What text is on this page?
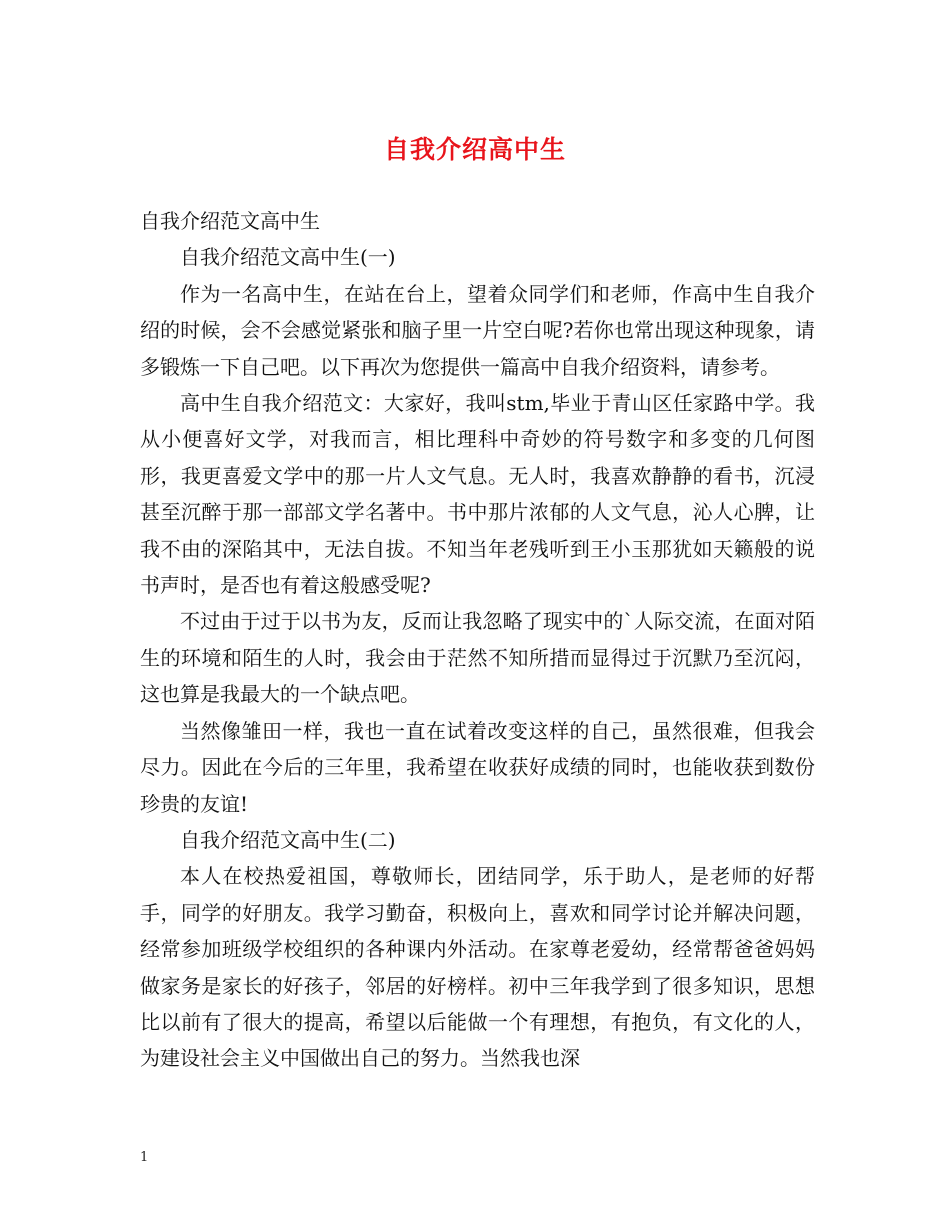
自我介绍高中生

自我介绍范文高中生

自我介绍范文高中生(一)

作为一名高中生，在站在台上，望着众同学们和老师，作高中生自我介绍的时候，会不会感觉紧张和脑子里一片空白呢?若你也常出现这种现象，请多锻炼一下自己吧。以下再次为您提供一篇高中自我介绍资料，请参考。

高中生自我介绍范文：大家好，我叫stm,毕业于青山区任家路中学。我从小便喜好文学，对我而言，相比理科中奇妙的符号数字和多变的几何图形，我更喜爱文学中的那一片人文气息。无人时，我喜欢静静的看书，沉浸甚至沉醉于那一部部文学名著中。书中那片浓郁的人文气息，沁人心脾，让我不由的深陷其中，无法自拔。不知当年老残听到王小玉那犹如天籁般的说书声时，是否也有着这般感受呢?

不过由于过于以书为友，反而让我忽略了现实中的`人际交流，在面对陌生的环境和陌生的人时，我会由于茫然不知所措而显得过于沉默乃至沉闷，这也算是我最大的一个缺点吧。

当然像雏田一样，我也一直在试着改变这样的自己，虽然很难，但我会尽力。因此在今后的三年里，我希望在收获好成绩的同时，也能收获到数份珍贵的友谊!

自我介绍范文高中生(二)

本人在校热爱祖国，尊敬师长，团结同学，乐于助人，是老师的好帮手，同学的好朋友。我学习勤奋，积极向上，喜欢和同学讨论并解决问题，经常参加班级学校组织的各种课内外活动。在家尊老爱幼，经常帮爸爸妈妈做家务是家长的好孩子，邻居的好榜样。初中三年我学到了很多知识，思想比以前有了很大的提高，希望以后能做一个有理想，有抱负，有文化的人，为建设社会主义中国做出自己的努力。当然我也深

1
